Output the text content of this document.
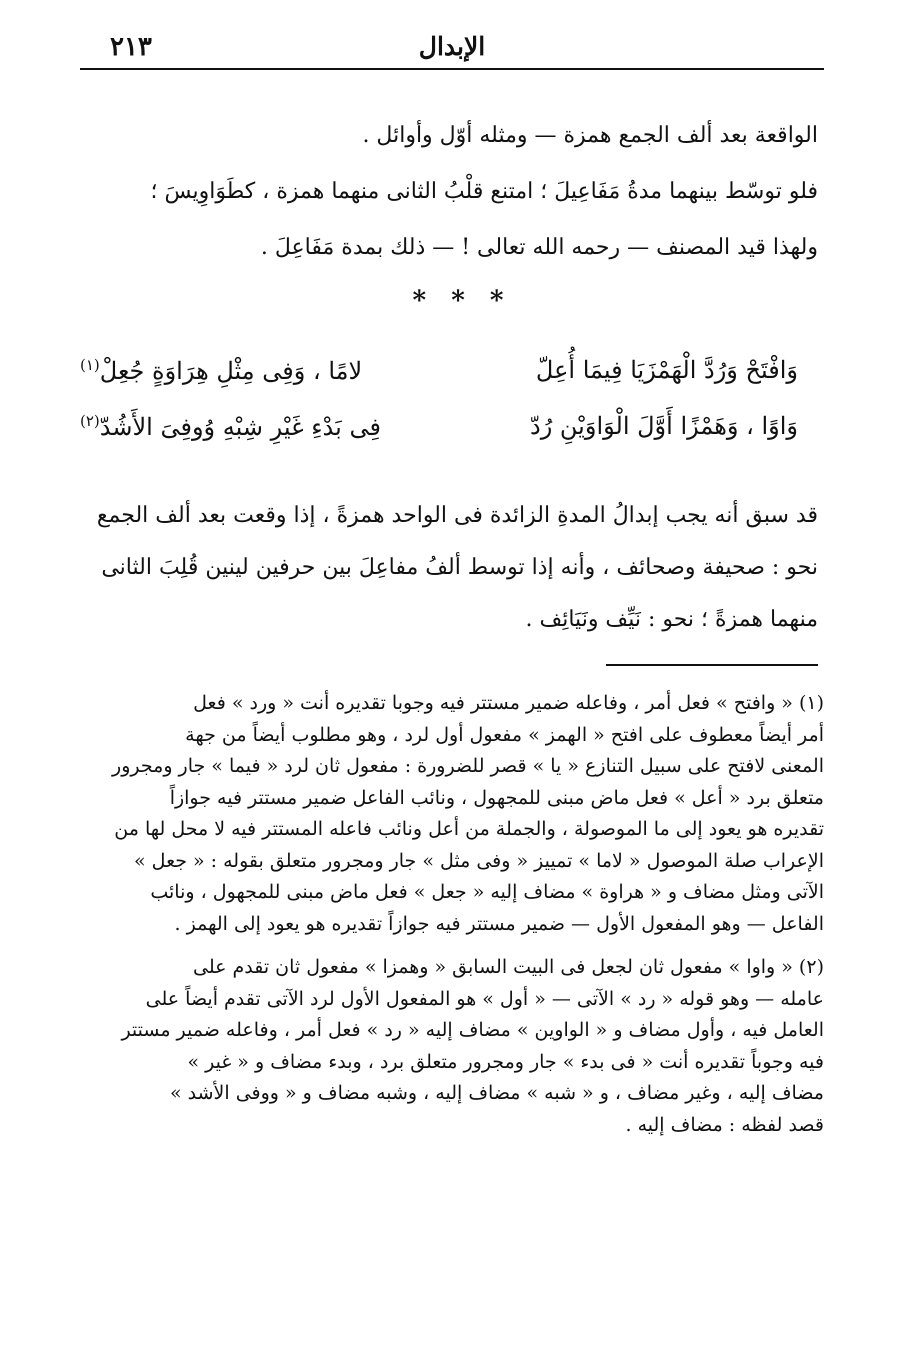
الإبدال
٢١٣

الواقعة بعد ألف الجمع همزة — ومثله أوّل وأوائل .

فلو توسّط بينهما مدةُ مَفَاعِيلَ ؛ امتنع قلْبُ الثانى منهما همزة ، كطَوَاوِيسَ ؛

ولهذا قيد المصنف — رحمه الله تعالى ! — ذلك بمدة مَفَاعِلَ .

* * *
وَافْتَحْ وَرُدَّ الْهَمْزَيَا فِيمَا أُعِلّ
لامًا ، وَفِى مِثْلِ هِرَاوَةٍ جُعِلْ$^{(١)}$
وَاوًا ، وَهَمْزًا أَوَّلَ الْوَاوَيْنِ رُدّ
فِى بَدْءِ غَيْرِ شِبْهِ وُوفِىَ الأَشُدّ$^{(٢)}$

قد سبق أنه يجب إبدالُ المدةِ الزائدة فى الواحد همزةً ، إذا وقعت بعد ألف الجمع

نحو : صحيفة وصحائف ، وأنه إذا توسط ألفُ مفاعِلَ بين حرفين لينين قُلِبَ الثانى

منهما همزةً ؛ نحو : نَيِّف ونَيَائِف .

(١) « وافتح » فعل أمر ، وفاعله ضمير مستتر فيه وجوبا تقديره أنت « ورد » فعل

أمر أيضاً معطوف على افتح « الهمز » مفعول أول لرد ، وهو مطلوب أيضاً من جهة

المعنى لافتح على سبيل التنازع « يا » قصر للضرورة : مفعول ثان لرد « فيما » جار ومجرور

متعلق برد « أعل » فعل ماض مبنى للمجهول ، ونائب الفاعل ضمير مستتر فيه جوازاً

تقديره هو يعود إلى ما الموصولة ، والجملة من أعل ونائب فاعله المستتر فيه لا محل لها من

الإعراب صلة الموصول « لاما » تمييز « وفى مثل » جار ومجرور متعلق بقوله : « جعل »

الآتى ومثل مضاف و « هراوة » مضاف إليه « جعل » فعل ماض مبنى للمجهول ، ونائب

الفاعل — وهو المفعول الأول — ضمير مستتر فيه جوازاً تقديره هو يعود إلى الهمز .

(٢) « واوا » مفعول ثان لجعل فى البيت السابق « وهمزا » مفعول ثان تقدم على

عامله — وهو قوله « رد » الآتى — « أول » هو المفعول الأول لرد الآتى تقدم أيضاً على

العامل فيه ، وأول مضاف و « الواوين » مضاف إليه « رد » فعل أمر ، وفاعله ضمير مستتر

فيه وجوباً تقديره أنت « فى بدء » جار ومجرور متعلق برد ، وبدء مضاف و « غير »

مضاف إليه ، وغير مضاف ، و « شبه » مضاف إليه ، وشبه مضاف و « ووفى الأشد »

قصد لفظه : مضاف إليه .
